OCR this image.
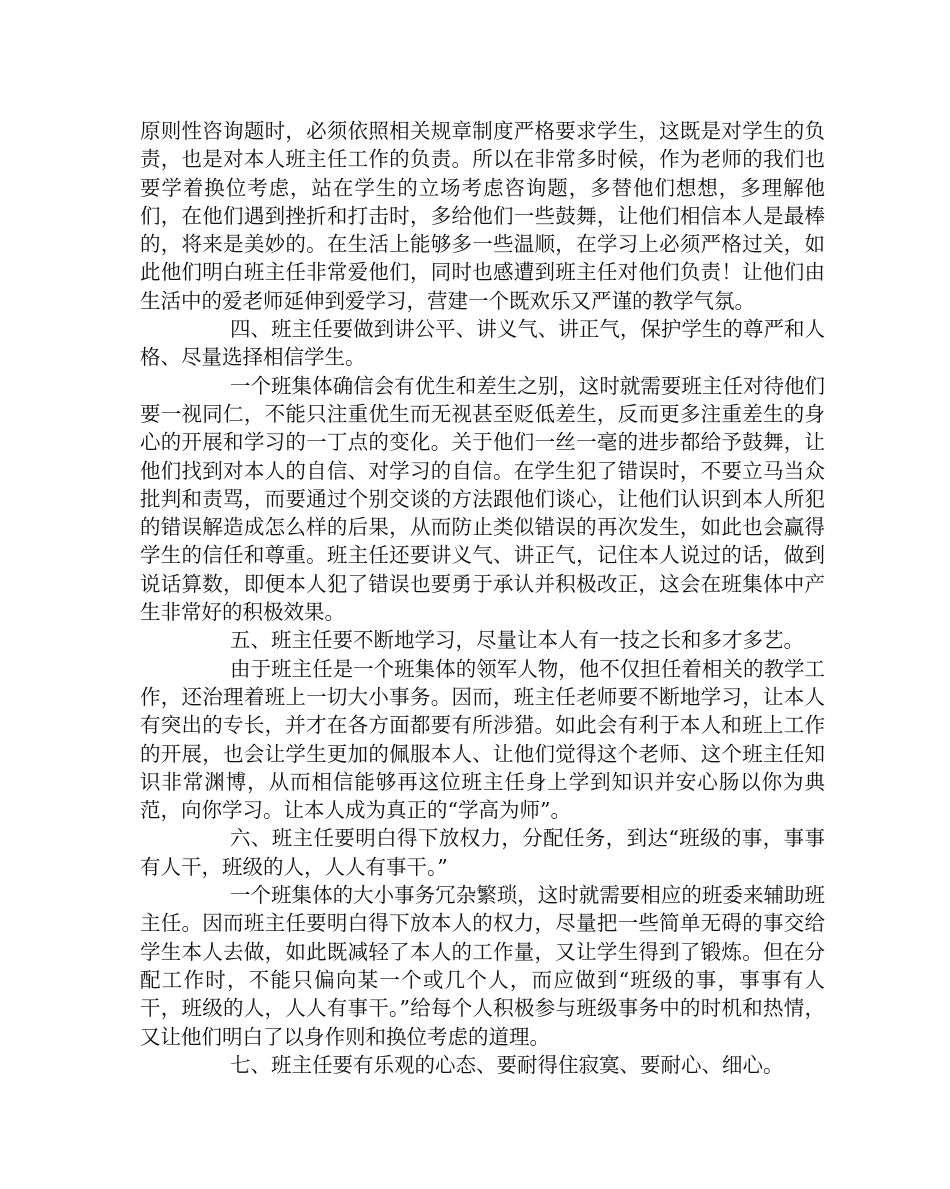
原则性咨询题时，必须依照相关规章制度严格要求学生，这既是对学生的负责，也是对本人班主任工作的负责。所以在非常多时候，作为老师的我们也要学着换位考虑，站在学生的立场考虑咨询题，多替他们想想，多理解他们，在他们遇到挫折和打击时，多给他们一些鼓舞，让他们相信本人是最棒的，将来是美妙的。在生活上能够多一些温顺，在学习上必须严格过关，如此他们明白班主任非常爱他们，同时也感遭到班主任对他们负责！让他们由生活中的爱老师延伸到爱学习，营建一个既欢乐又严谨的教学气氛。

四、班主任要做到讲公平、讲义气、讲正气，保护学生的尊严和人格、尽量选择相信学生。

一个班集体确信会有优生和差生之别，这时就需要班主任对待他们要一视同仁，不能只注重优生而无视甚至贬低差生，反而更多注重差生的身心的开展和学习的一丁点的变化。关于他们一丝一毫的进步都给予鼓舞，让他们找到对本人的自信、对学习的自信。在学生犯了错误时，不要立马当众批判和责骂，而要通过个别交谈的方法跟他们谈心，让他们认识到本人所犯的错误解造成怎么样的后果，从而防止类似错误的再次发生，如此也会赢得学生的信任和尊重。班主任还要讲义气、讲正气，记住本人说过的话，做到说话算数，即便本人犯了错误也要勇于承认并积极改正，这会在班集体中产生非常好的积极效果。

五、班主任要不断地学习，尽量让本人有一技之长和多才多艺。

由于班主任是一个班集体的领军人物，他不仅担任着相关的教学工作，还治理着班上一切大小事务。因而，班主任老师要不断地学习，让本人有突出的专长，并才在各方面都要有所涉猎。如此会有利于本人和班上工作的开展，也会让学生更加的佩服本人、让他们觉得这个老师、这个班主任知识非常渊博，从而相信能够再这位班主任身上学到知识并安心肠以你为典范，向你学习。让本人成为真正的“学高为师”。

六、班主任要明白得下放权力，分配任务，到达“班级的事，事事有人干，班级的人，人人有事干。”

一个班集体的大小事务冗杂繁琐，这时就需要相应的班委来辅助班主任。因而班主任要明白得下放本人的权力，尽量把一些简单无碍的事交给学生本人去做，如此既减轻了本人的工作量，又让学生得到了锻炼。但在分配工作时，不能只偏向某一个或几个人，而应做到“班级的事，事事有人干，班级的人，人人有事干。”给每个人积极参与班级事务中的时机和热情，又让他们明白了以身作则和换位考虑的道理。

七、班主任要有乐观的心态、要耐得住寂寞、要耐心、细心。
